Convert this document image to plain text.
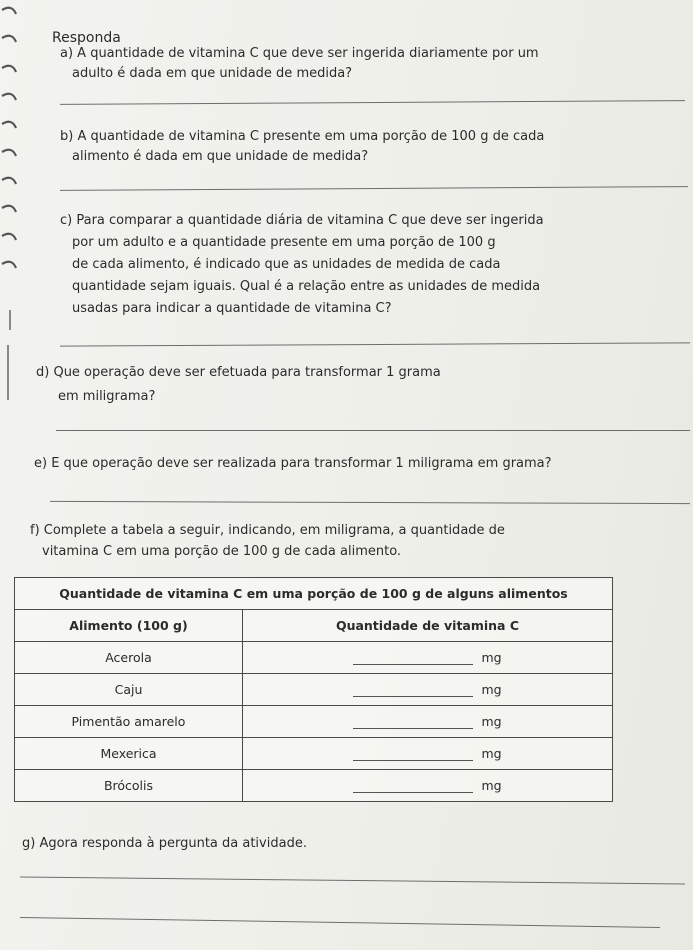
Responda
a) A quantidade de vitamina C que deve ser ingerida diariamente por um
adulto é dada em que unidade de medida?
b) A quantidade de vitamina C presente em uma porção de 100 g de cada
alimento é dada em que unidade de medida?
c) Para comparar a quantidade diária de vitamina C que deve ser ingerida
por um adulto e a quantidade presente em uma porção de 100 g
de cada alimento, é indicado que as unidades de medida de cada
quantidade sejam iguais. Qual é a relação entre as unidades de medida
usadas para indicar a quantidade de vitamina C?
d) Que operação deve ser efetuada para transformar 1 grama
em miligrama?
e) E que operação deve ser realizada para transformar 1 miligrama em grama?
f) Complete a tabela a seguir, indicando, em miligrama, a quantidade de
vitamina C em uma porção de 100 g de cada alimento.
Quantidade de vitamina C em uma porção de 100 g de alguns alimentos	
Alimento (100 g)	Quantidade de vitamina C
Acerola	mg
Caju	mg
Pimentão amarelo	mg
Mexerica	mg
Brócolis	mg
g) Agora responda à pergunta da atividade.
